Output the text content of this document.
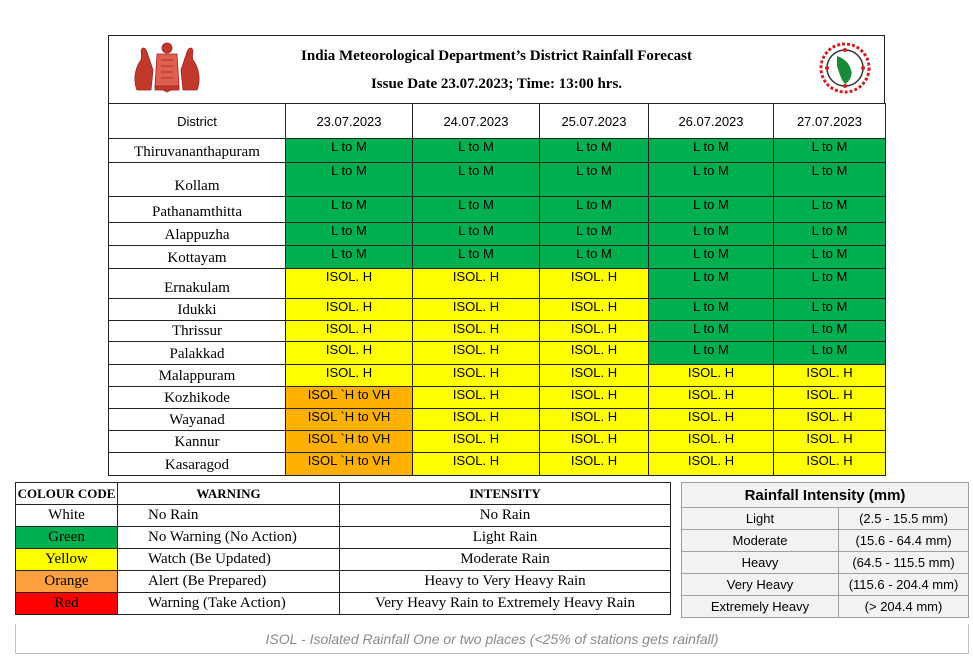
India Meteorological Department’s District Rainfall Forecast
Issue Date 23.07.2023; Time: 13:00 hrs.
District	23.07.2023	24.07.2023	25.07.2023	26.07.2023	27.07.2023
Thiruvananthapuram	L to M	L to M	L to M	L to M	L to M
Kollam	L to M	L to M	L to M	L to M	L to M
Pathanamthitta	L to M	L to M	L to M	L to M	L to M
Alappuzha	L to M	L to M	L to M	L to M	L to M
Kottayam	L to M	L to M	L to M	L to M	L to M
Ernakulam	ISOL. H	ISOL. H	ISOL. H	L to M	L to M
Idukki	ISOL. H	ISOL. H	ISOL. H	L to M	L to M
Thrissur	ISOL. H	ISOL. H	ISOL. H	L to M	L to M
Palakkad	ISOL. H	ISOL. H	ISOL. H	L to M	L to M
Malappuram	ISOL. H	ISOL. H	ISOL. H	ISOL. H	ISOL. H
Kozhikode	ISOL `H to VH	ISOL. H	ISOL. H	ISOL. H	ISOL. H
Wayanad	ISOL `H to VH	ISOL. H	ISOL. H	ISOL. H	ISOL. H
Kannur	ISOL `H to VH	ISOL. H	ISOL. H	ISOL. H	ISOL. H
Kasaragod	ISOL `H to VH	ISOL. H	ISOL. H	ISOL. H	ISOL. H
COLOUR CODE	WARNING	INTENSITY
White	No Rain	No Rain
Green	No Warning (No Action)	Light Rain
Yellow	Watch (Be Updated)	Moderate Rain
Orange	Alert (Be Prepared)	Heavy to Very Heavy Rain
Red	Warning (Take Action)	Very Heavy Rain to Extremely Heavy Rain
Rainfall Intensity (mm)	
Light	(2.5 - 15.5 mm)
Moderate	(15.6 - 64.4 mm)
Heavy	(64.5 - 115.5 mm)
Very Heavy	(115.6 - 204.4 mm)
Extremely Heavy	(> 204.4 mm)
ISOL - Isolated Rainfall One or two places (<25% of stations gets rainfall)
